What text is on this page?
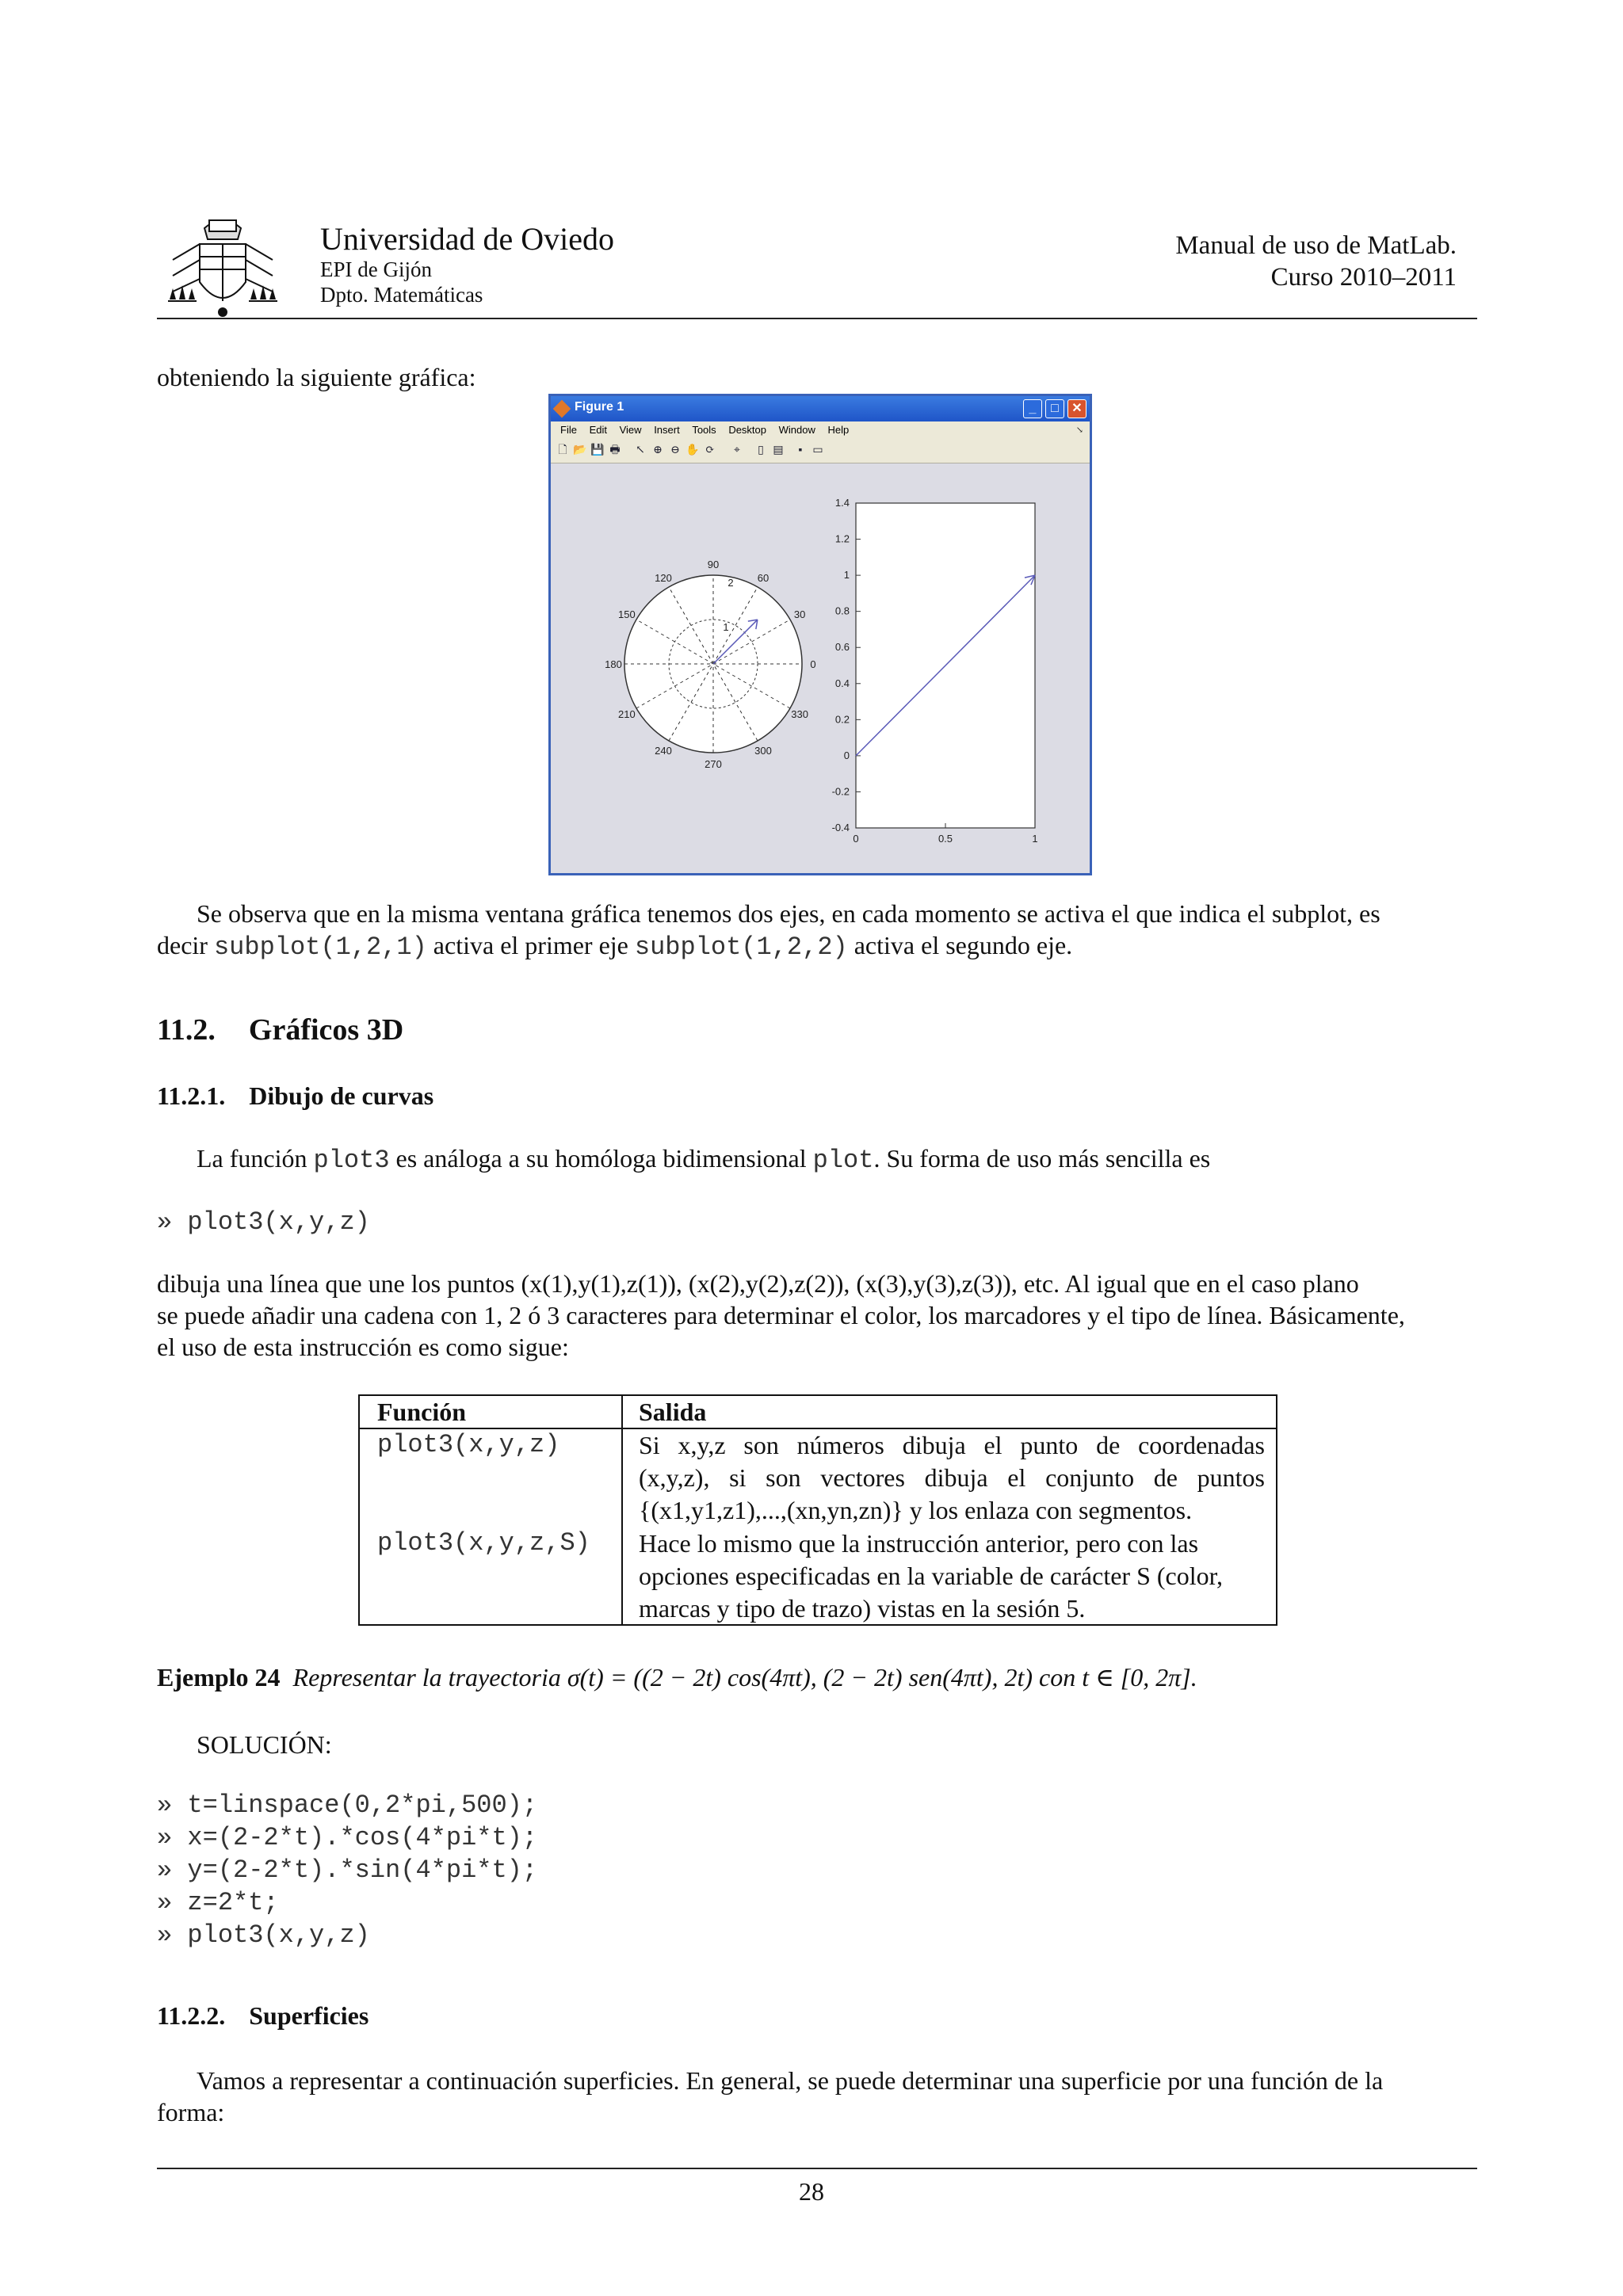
Universidad de Oviedo
EPI de Gijón
Dpto. Matemáticas
Manual de uso de MatLab.
Curso 2010–2011
obteniendo la siguiente gráfica:
Figure 1	_	□	✕
File Edit View Insert Tools Desktop Window Help
🗋 📂 💾 🖶 ↖ ⊕ ⊖ ✋ ⟳	⌖	▯ ▤	▪ ▭
↘
0
30
60
90
120
150
180
210
240
270
300
330
1
2
-0.4
-0.2
0
0.2
0.4
0.6
0.8
1
1.2
1.4
0	0.5	1
Se observa que en la misma ventana gráfica tenemos dos ejes, en cada momento se activa el que indica el subplot, es
decir subplot(1,2,1) activa el primer eje subplot(1,2,2) activa el segundo eje.
11.2. Gráficos 3D
11.2.1. Dibujo de curvas
La función plot3 es análoga a su homóloga bidimensional plot. Su forma de uso más sencilla es
» plot3(x,y,z)
dibuja una línea que une los puntos (x(1),y(1),z(1)), (x(2),y(2),z(2)), (x(3),y(3),z(3)), etc. Al igual que en el caso plano
se puede añadir una cadena con 1, 2 ó 3 caracteres para determinar el color, los marcadores y el tipo de línea. Básicamente,
el uso de esta instrucción es como sigue:
Función	Salida
plot3(x,y,z)	Si x,y,z son números dibuja el punto de coordenadas
(x,y,z), si son vectores dibuja el conjunto de puntos
{(x1,y1,z1),...,(xn,yn,zn)} y los enlaza con segmentos.
plot3(x,y,z,S) Hace lo mismo que la instrucción anterior, pero con las
opciones especificadas en la variable de carácter S (color,
marcas y tipo de trazo) vistas en la sesión 5.
Ejemplo 24 Representar la trayectoria σ(t) = ((2 − 2t) cos(4πt), (2 − 2t) sen(4πt), 2t) con t ∈ [0, 2π].
SOLUCIÓN:
» t=linspace(0,2*pi,500);
» x=(2-2*t).*cos(4*pi*t);
» y=(2-2*t).*sin(4*pi*t);
» z=2*t;
» plot3(x,y,z)
11.2.2. Superficies
Vamos a representar a continuación superficies. En general, se puede determinar una superficie por una función de la
forma:
28
